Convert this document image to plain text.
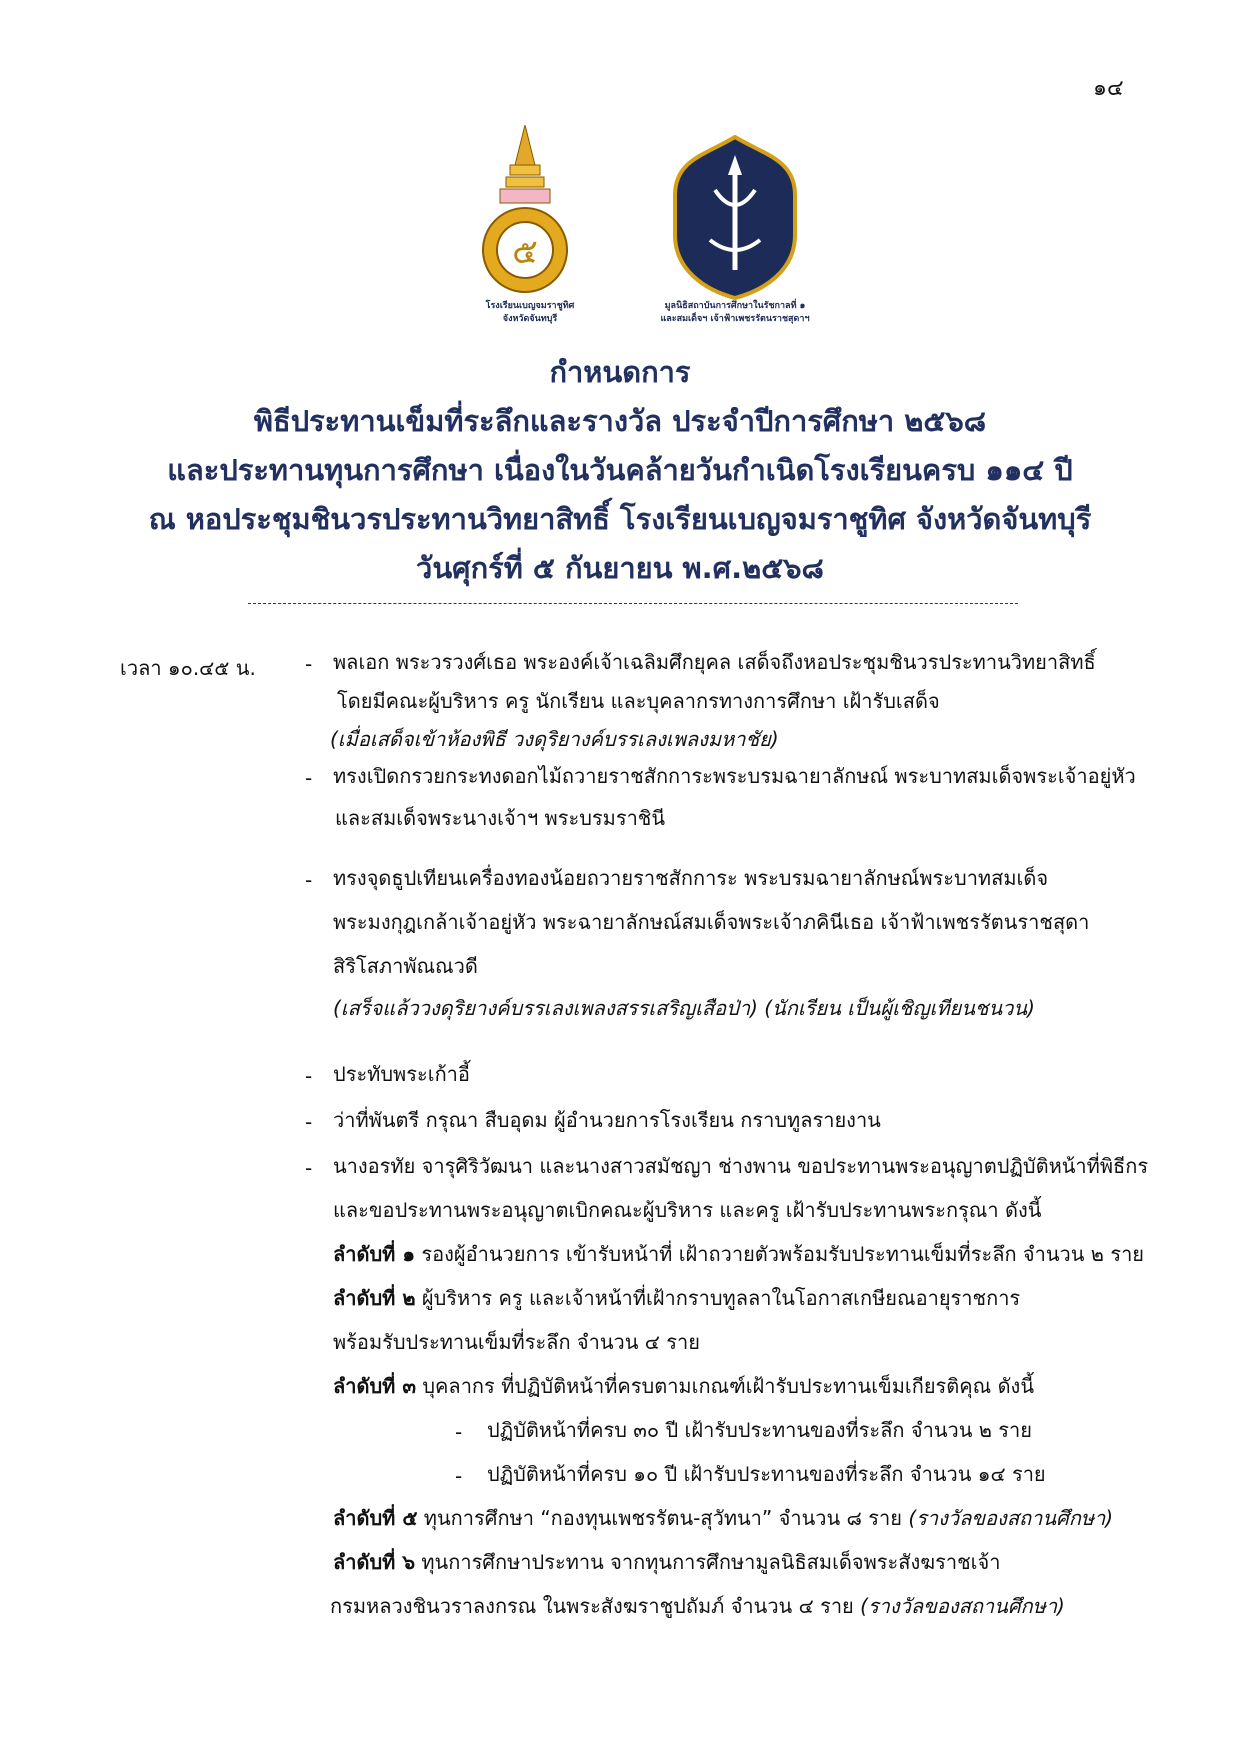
๑๔
๕
โรงเรียนเบญจมราชูทิศ
จังหวัดจันทบุรี
มูลนิธิสถาบันการศึกษาในรัชกาลที่ ๑
และสมเด็จฯ เจ้าฟ้าเพชรรัตนราชสุดาฯ
กำหนดการ
พิธีประทานเข็มที่ระลึกและรางวัล ประจำปีการศึกษา ๒๕๖๘
และประทานทุนการศึกษา เนื่องในวันคล้ายวันกำเนิดโรงเรียนครบ ๑๑๔ ปี
ณ หอประชุมชินวรประทานวิทยาสิทธิ์ โรงเรียนเบญจมราชูทิศ จังหวัดจันทบุรี
วันศุกร์ที่ ๕ กันยายน พ.ศ.๒๕๖๘
เวลา ๑๐.๔๕ น. - พลเอก พระวรวงศ์เธอ พระองค์เจ้าเฉลิมศึกยุคล เสด็จถึงหอประชุมชินวรประทานวิทยาสิทธิ์
โดยมีคณะผู้บริหาร ครู นักเรียน และบุคลากรทางการศึกษา เฝ้ารับเสด็จ
(เมื่อเสด็จเข้าห้องพิธี วงดุริยางค์บรรเลงเพลงมหาชัย)
- ทรงเปิดกรวยกระทงดอกไม้ถวายราชสักการะพระบรมฉายาลักษณ์ พระบาทสมเด็จพระเจ้าอยู่หัว
และสมเด็จพระนางเจ้าฯ พระบรมราชินี
- ทรงจุดธูปเทียนเครื่องทองน้อยถวายราชสักการะ พระบรมฉายาลักษณ์พระบาทสมเด็จ
พระมงกุฎเกล้าเจ้าอยู่หัว พระฉายาลักษณ์สมเด็จพระเจ้าภคินีเธอ เจ้าฟ้าเพชรรัตนราชสุดา
สิริโสภาพัณณวดี
(เสร็จแล้ววงดุริยางค์บรรเลงเพลงสรรเสริญเสือป่า) (นักเรียน เป็นผู้เชิญเทียนชนวน)
- ประทับพระเก้าอี้
- ว่าที่พันตรี กรุณา สืบอุดม ผู้อำนวยการโรงเรียน กราบทูลรายงาน
- นางอรทัย จารุศิริวัฒนา และนางสาวสมัชญา ช่างพาน ขอประทานพระอนุญาตปฏิบัติหน้าที่พิธีกร
และขอประทานพระอนุญาตเบิกคณะผู้บริหาร และครู เฝ้ารับประทานพระกรุณา ดังนี้
ลำดับที่ ๑ รองผู้อำนวยการ เข้ารับหน้าที่ เฝ้าถวายตัวพร้อมรับประทานเข็มที่ระลึก จำนวน ๒ ราย
ลำดับที่ ๒ ผู้บริหาร ครู และเจ้าหน้าที่เฝ้ากราบทูลลาในโอกาสเกษียณอายุราชการ
พร้อมรับประทานเข็มที่ระลึก จำนวน ๔ ราย
ลำดับที่ ๓ บุคลากร ที่ปฏิบัติหน้าที่ครบตามเกณฑ์เฝ้ารับประทานเข็มเกียรติคุณ ดังนี้
- ปฏิบัติหน้าที่ครบ ๓๐ ปี เฝ้ารับประทานของที่ระลึก จำนวน ๒ ราย
- ปฏิบัติหน้าที่ครบ ๑๐ ปี เฝ้ารับประทานของที่ระลึก จำนวน ๑๔ ราย
ลำดับที่ ๕ ทุนการศึกษา “กองทุนเพชรรัตน-สุวัทนา” จำนวน ๘ ราย (รางวัลของสถานศึกษา)
ลำดับที่ ๖ ทุนการศึกษาประทาน จากทุนการศึกษามูลนิธิสมเด็จพระสังฆราชเจ้า
กรมหลวงชินวราลงกรณ ในพระสังฆราชูปถัมภ์ จำนวน ๔ ราย (รางวัลของสถานศึกษา)
